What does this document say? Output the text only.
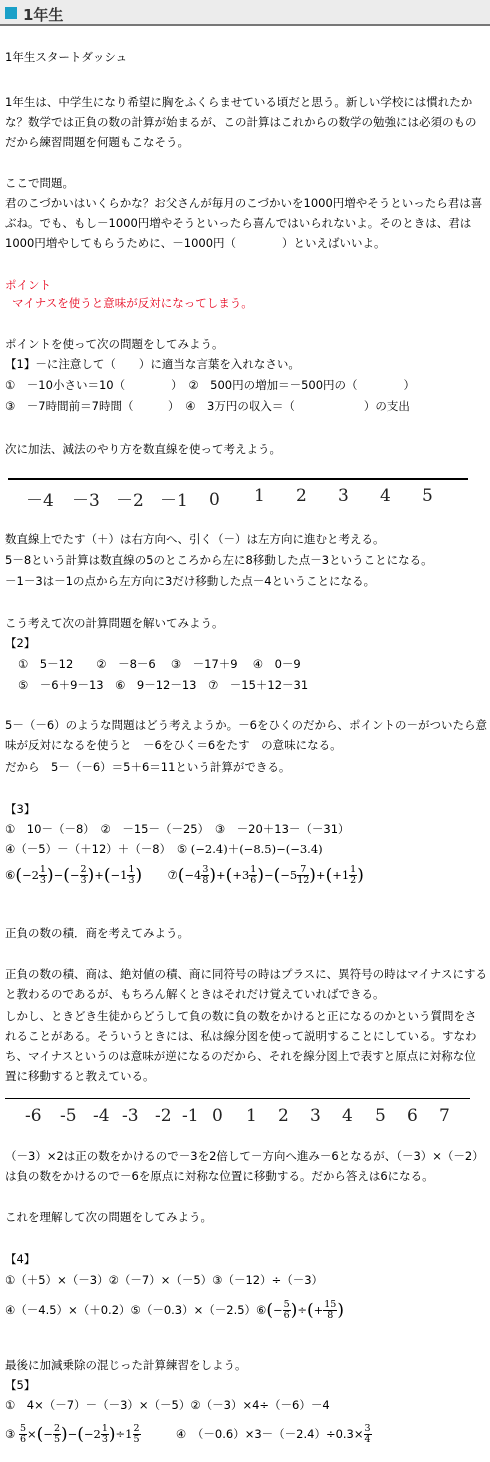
1年生
1年生スタートダッシュ
1年生は、中学生になり希望に胸をふくらませている頃だと思う。新しい学校には慣れたかな？数学では正負の数の計算が始まるが、この計算はこれからの数学の勉強には必須のものだから練習問題を何題もこなそう。
ここで問題。
君のこづかいはいくらかな？お父さんが毎月のこづかいを1000円増やそうといったら君は喜ぶね。でも、もし－1000円増やそうといったら喜んではいられないよ。そのときは、君は1000円増やしてもらうために、－1000円（　　　　）といえばいいよ。
ポイント
マイナスを使うと意味が反対になってしまう。
ポイントを使って次の問題をしてみよう。
【1】－に注意して（　　）に適当な言葉を入れなさい。
①　－10小さい＝10（　　　　）　②　500円の増加＝－500円の（　　　　）
③　－7時間前＝7時間（　　　）　④　3万円の収入＝（　　　　　　）の支出
次に加法、減法のやり方を数直線を使って考えよう。
－4 －3 －2 －1 0 1 2 3 4 5
数直線上でたす（＋）は右方向へ、引く（－）は左方向に進むと考える。
5－8という計算は数直線の5のところから左に8移動した点－3ということになる。
－1－3は－1の点から左方向に3だけ移動した点－4ということになる。
こう考えて次の計算問題を解いてみよう。
【2】
①　5－12　　②　－8－6　 ③　－17＋9　 ④　0－9
⑤　－6＋9－13　⑥　9－12－13　⑦　－15＋12－31
5－（－6）のような問題はどう考えようか。－6をひくのだから、ポイントの－がついたら意味が反対になるを使うと　－6をひく＝6をたす　の意味になる。
だから　5－（－6）＝5＋6＝11という計算ができる。
【3】
①　10－（－8）　②　－15－（－25）　③　－20＋13－（－31）
④（－5）－（＋12）＋（－8）　⑤ (−2.4)＋(−8.5)−(−3.4)
⑥(−2 $\frac{1}{3}$ )−(− $\frac{2}{3} )+(-1 \frac{1}{3}$ ) ⑦(−4 $\frac{3}{8} )+(+3 \frac{1}{6} )-(-5 \frac{7}{12} )+(+1 \frac{1}{2}$ )
正負の数の積．商を考えてみよう。
正負の数の積、商は、絶対値の積、商に同符号の時はプラスに、異符号の時はマイナスにすると教わるのであるが、もちろん解くときはそれだけ覚えていればできる。
しかし、ときどき生徒からどうして負の数に負の数をかけると正になるのかという質問をされることがある。そういうときには、私は線分図を使って説明することにしている。すなわち、マイナスというのは意味が逆になるのだから、それを線分図上で表すと原点に対称な位置に移動すると教えている。
-6 -5 -4 -3 -2 -1 0 1 2 3 4 5 6 7
（－3）×2は正の数をかけるので－3を2倍して－方向へ進み－6となるが、（－3）×（－2）は負の数をかけるので－6を原点に対称な位置に移動する。だから答えは6になる。
これを理解して次の問題をしてみよう。
【4】
①（＋5）×（－3）②（－7）×（－5）③（－12）÷（－3）
④（－4.5）×（＋0.2）⑤（－0.3）×（－2.5）⑥(− $\frac{5}{6}$ )÷(+ $\frac{15}{8}$ )
最後に加減乗除の混じった計算練習をしよう。
【5】
①　4×（－7）－（－3）×（－5）②（－3）×4÷（－6）－4
③ $\frac{5}{6}$ ×(− $\frac{2}{5} )-(-2 \frac{1}{3} )\div 1 \frac{2}{5}$	④　$(-0.6)\times 3-(-2.4)\div 0.3\times \frac{3}{4}$
